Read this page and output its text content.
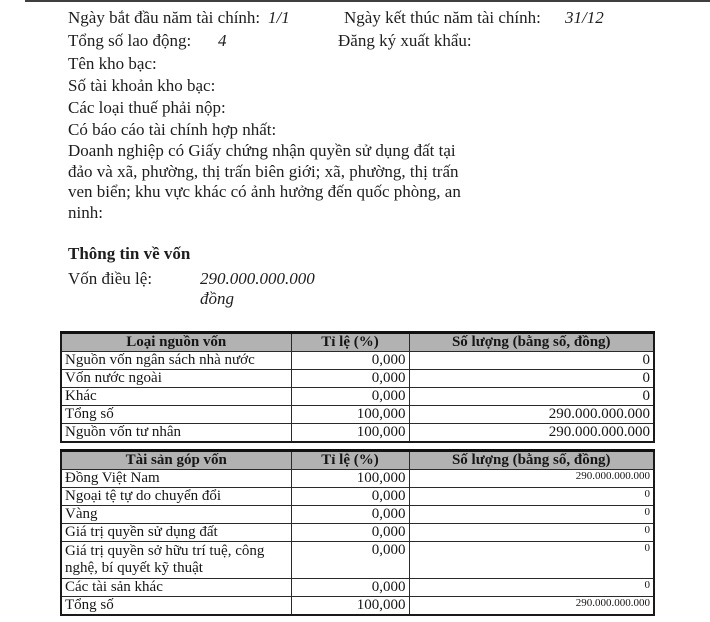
Ngày bắt đầu năm tài chính: 1/1	Ngày kết thúc năm tài chính: 31/12
Tổng số lao động: 4	Đăng ký xuất khẩu:
Tên kho bạc:
Số tài khoản kho bạc:
Các loại thuế phải nộp:
Có báo cáo tài chính hợp nhất:
Doanh nghiệp có Giấy chứng nhận quyền sử dụng đất tại đảo và xã, phường, thị trấn biên giới; xã, phường, thị trấn ven biển; khu vực khác có ảnh hưởng đến quốc phòng, an ninh:
Thông tin về vốn
Vốn điều lệ:	290.000.000.000
đồng
Loại nguồn vốn	Tỉ lệ (%)	Số lượng (bằng số, đồng)
Nguồn vốn ngân sách nhà nước	0,000	0
Vốn nước ngoài	0,000	0
Khác	0,000	0
Tổng số	100,000	290.000.000.000
Nguồn vốn tư nhân	100,000	290.000.000.000
Tài sản góp vốn	Tỉ lệ (%)	Số lượng (bằng số, đồng)
Đồng Việt Nam	100,000	290.000.000.000
Ngoại tệ tự do chuyển đổi	0,000	0
Vàng	0,000	0
Giá trị quyền sử dụng đất	0,000	0
Giá trị quyền sở hữu trí tuệ, công nghệ, bí quyết kỹ thuật	0,000	0
Các tài sản khác	0,000	0
Tổng số	100,000	290.000.000.000
